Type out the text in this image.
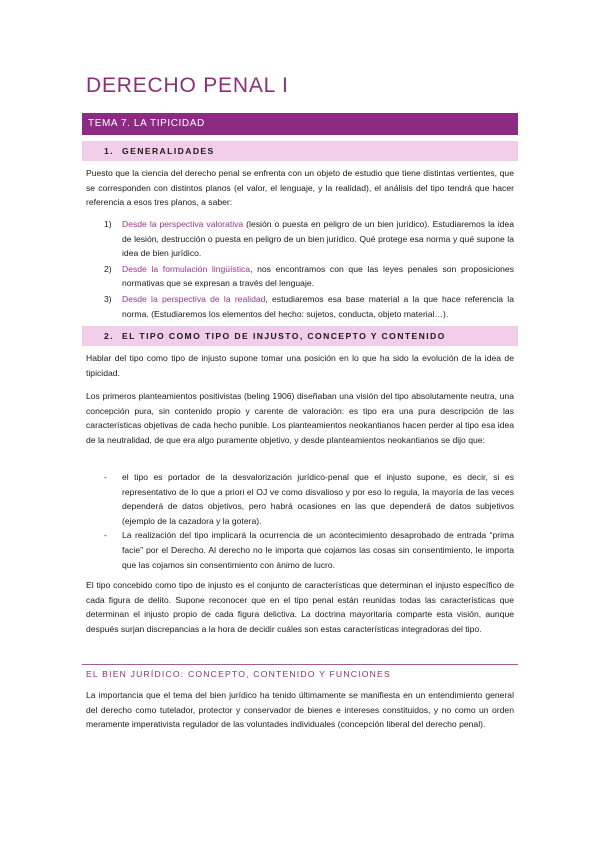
DERECHO PENAL I
TEMA 7. LA TIPICIDAD
1. GENERALIDADES

Puesto que la ciencia del derecho penal se enfrenta con un objeto de estudio que tiene distintas vertientes, que se corresponden con distintos planos (el valor, el lenguaje, y la realidad), el análisis del tipo tendrá que hacer referencia a esos tres planos, a saber:

1) Desde la perspectiva valorativa (lesión o puesta en peligro de un bien jurídico). Estudiaremos la idea de lesión, destrucción o puesta en peligro de un bien jurídico. Qué protege esa norma y qué supone la idea de bien jurídico.
2) Desde la formulación lingüística, nos encontramos con que las leyes penales son proposiciones normativas que se expresan a través del lenguaje.
3) Desde la perspectiva de la realidad, estudiaremos esa base material a la que hace referencia la norma. (Estudiaremos los elementos del hecho: sujetos, conducta, objeto material…).
2. EL TIPO COMO TIPO DE INJUSTO, CONCEPTO Y CONTENIDO

Hablar del tipo como tipo de injusto supone tomar una posición en lo que ha sido la evolución de la idea de tipicidad.

Los primeros planteamientos positivistas (beling 1906) diseñaban una visión del tipo absolutamente neutra, una concepción pura, sin contenido propio y carente de valoración: es tipo era una pura descripción de las características objetivas de cada hecho punible. Los planteamientos neokantianos hacen perder al tipo esa idea de la neutralidad, de que era algo puramente objetivo, y desde planteamientos neokantianos se dijo que:

- el tipo es portador de la desvalorización jurídico-penal que el injusto supone, es decir, si es representativo de lo que a priori el OJ ve como disvalioso y por eso lo regula, la mayoría de las veces dependerá de datos objetivos, pero habrá ocasiones en las que dependerá de datos subjetivos (ejemplo de la cazadora y la gotera).
- La realización del tipo implicará la ocurrencia de un acontecimiento desaprobado de entrada “prima facie” por el Derecho. Al derecho no le importa que cojamos las cosas sin consentimiento, le importa que las cojamos sin consentimiento con ánimo de lucro.

El tipo concebido como tipo de injusto es el conjunto de características que determinan el injusto específico de cada figura de delito. Supone reconocer que en el tipo penal están reunidas todas las características que determinan el injusto propio de cada figura delictiva. La doctrina mayoritaria comparte esta visión, aunque después surjan discrepancias a la hora de decidir cuáles son estas características integradoras del tipo.

EL BIEN JURÍDICO: CONCEPTO, CONTENIDO Y FUNCIONES

La importancia que el tema del bien jurídico ha tenido últimamente se manifiesta en un entendimiento general del derecho como tutelador, protector y conservador de bienes e intereses constituidos, y no como un orden meramente imperativista regulador de las voluntades individuales (concepción liberal del derecho penal).
